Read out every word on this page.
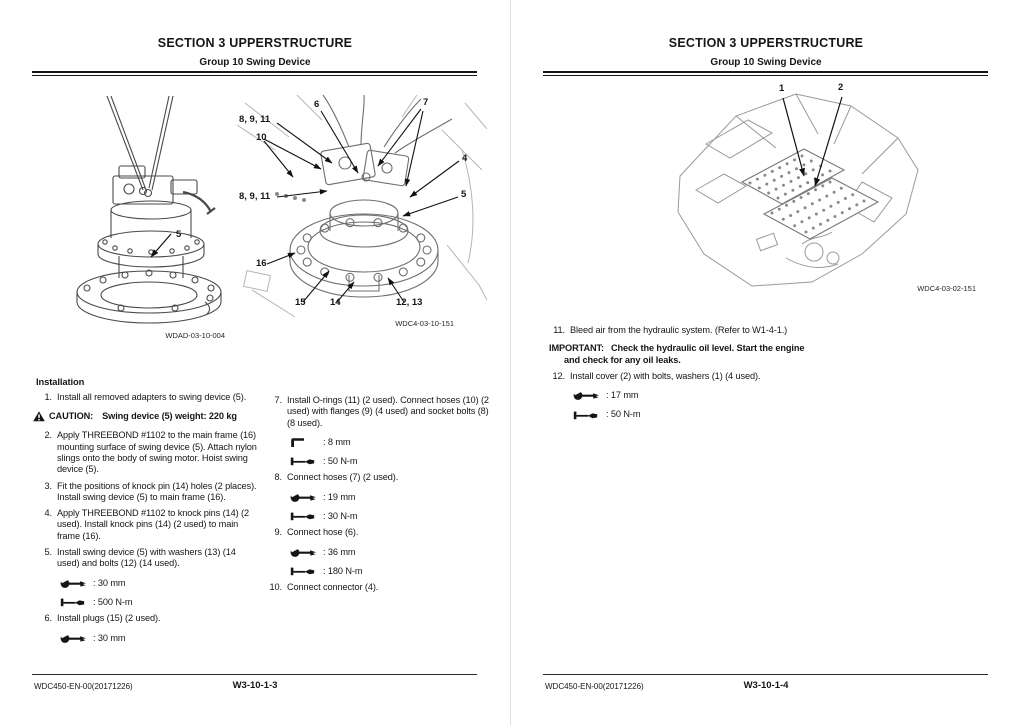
SECTION 3 UPPERSTRUCTURE
Group 10 Swing Device
5
WDAD-03-10-004
8, 9, 11
10
8, 9, 11
6	7
4
5
16
15	14	12, 13
WDC4-03-10-151
Installation
1. Install all removed adapters to swing device (5).
CAUTION: Swing device (5) weight: 220 kg
2. Apply THREEBOND #1102 to the main frame (16) mounting surface of swing device (5). Attach nylon slings onto the body of swing motor. Hoist swing device (5).
3. Fit the positions of knock pin (14) holes (2 places). Install swing device (5) to main frame (16).
4. Apply THREEBOND #1102 to knock pins (14) (2 used). Install knock pins (14) (2 used) to main frame (16).
5. Install swing device (5) with washers (13) (14 used) and bolts (12) (14 used).
: 30 mm
: 500 N-m
6. Install plugs (15) (2 used).
: 30 mm
7. Install O-rings (11) (2 used). Connect hoses (10) (2 used) with flanges (9) (4 used) and socket bolts (8) (8 used).
: 8 mm
: 50 N-m
8. Connect hoses (7) (2 used).
: 19 mm
: 30 N-m
9. Connect hose (6).
: 36 mm
: 180 N-m
10. Connect connector (4).
WDC450-EN-00(20171226)	W3-10-1-3
SECTION 3 UPPERSTRUCTURE
Group 10 Swing Device
1	2
WDC4-03-02-151
11. Bleed air from the hydraulic system. (Refer to W1-4-1.)
IMPORTANT: Check the hydraulic oil level. Start the engine and check for any oil leaks.
12. Install cover (2) with bolts, washers (1) (4 used).
: 17 mm
: 50 N-m
WDC450-EN-00(20171226)	W3-10-1-4
